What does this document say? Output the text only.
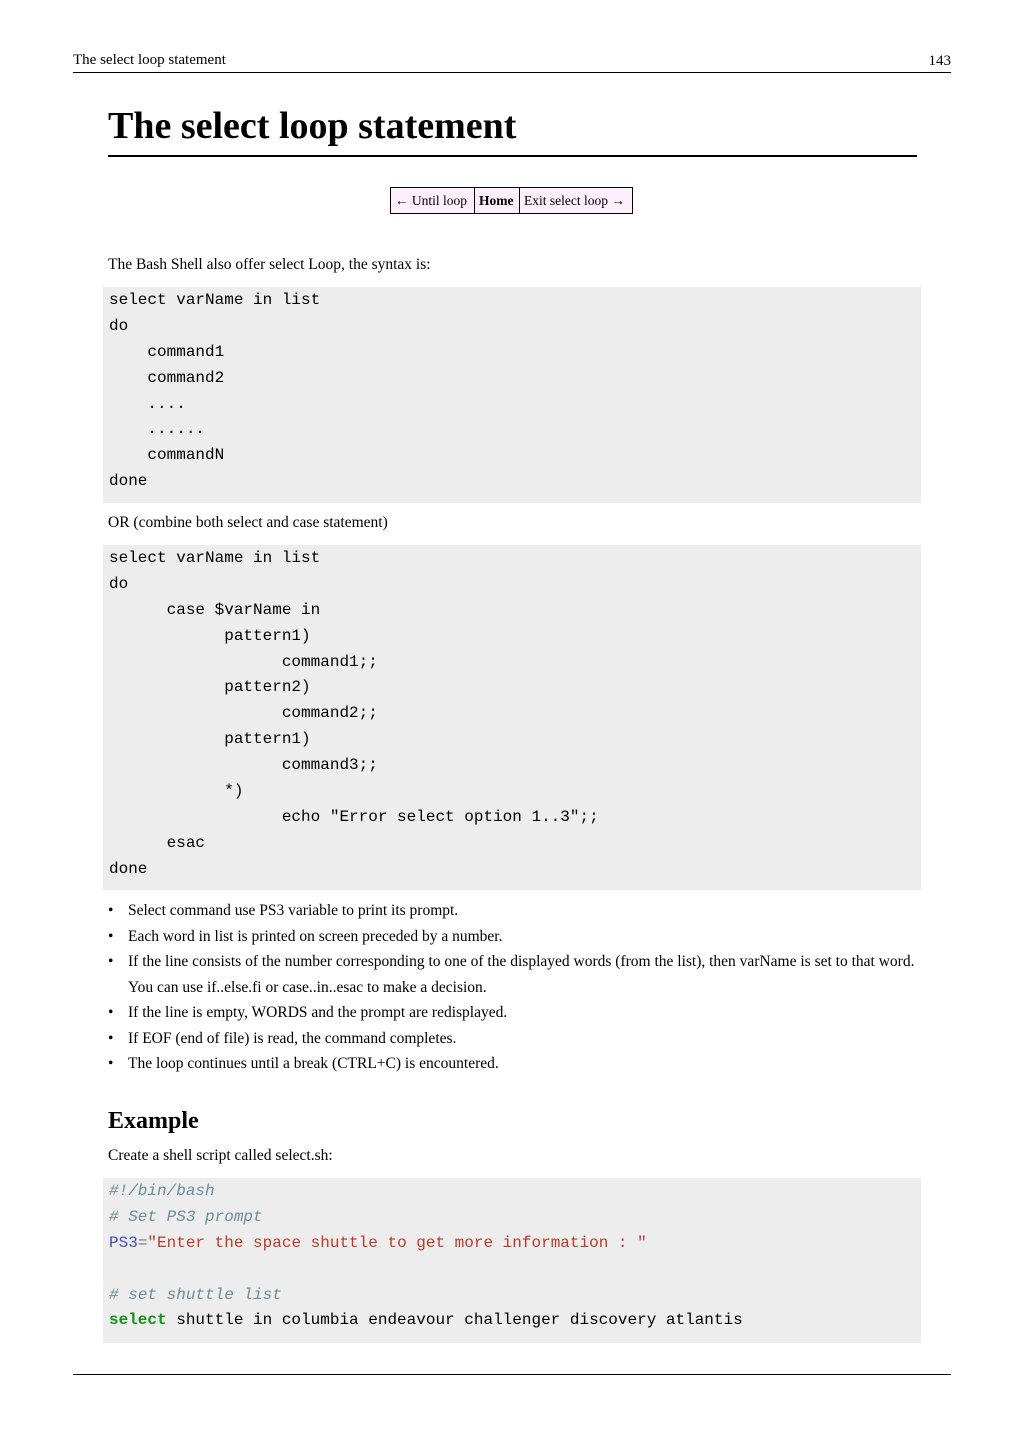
The select loop statement	143
The select loop statement
← Until loop	Home	Exit select loop →

The Bash Shell also offer select Loop, the syntax is:

select varName in list
do
command1
command2
....
......
commandN
done

OR (combine both select and case statement)

select varName in list
do
case $varName in
pattern1)
command1;;
pattern2)
command2;;
pattern1)
command3;;
*)
echo "Error select option 1..3";;
esac
done
• Select command use PS3 variable to print its prompt.
• Each word in list is printed on screen preceded by a number.
• If the line consists of the number corresponding to one of the displayed words (from the list), then varName is set to that word. You can use if..else.fi or case..in..esac to make a decision.
• If the line is empty, WORDS and the prompt are redisplayed.
• If EOF (end of file) is read, the command completes.
• The loop continues until a break (CTRL+C) is encountered.
Example

Create a shell script called select.sh:

#!/bin/bash
# Set PS3 prompt
PS3="Enter the space shuttle to get more information : "
# set shuttle list
select shuttle in columbia endeavour challenger discovery atlantis
